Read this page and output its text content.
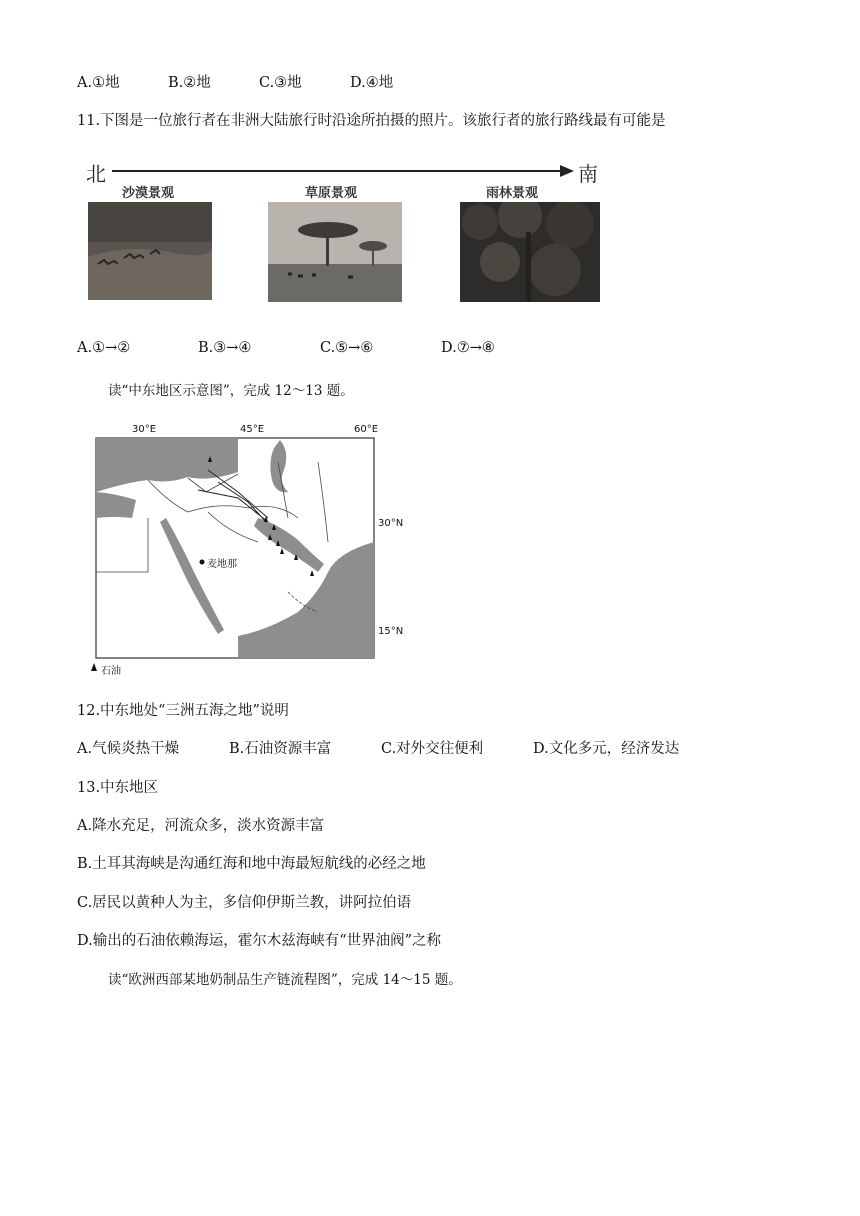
A.①地	B.②地	C.③地	D.④地
11.下图是一位旅行者在非洲大陆旅行时沿途所拍摄的照片。该旅行者的旅行路线最有可能是
北	南
沙漠景观	草原景观	雨林景观
A.①→②	B.③→④	C.⑤→⑥	D.⑦→⑧
读“中东地区示意图”，完成 12～13 题。
30°E	45°E	60°E
30°N
15°N
麦地那
石油
12.中东地处“三洲五海之地”说明
A.气候炎热干燥	B.石油资源丰富	C.对外交往便利	D.文化多元，经济发达
13.中东地区
A.降水充足，河流众多，淡水资源丰富
B.土耳其海峡是沟通红海和地中海最短航线的必经之地
C.居民以黄种人为主，多信仰伊斯兰教，讲阿拉伯语
D.输出的石油依赖海运，霍尔木兹海峡有“世界油阀”之称
读“欧洲西部某地奶制品生产链流程图”，完成 14～15 题。
